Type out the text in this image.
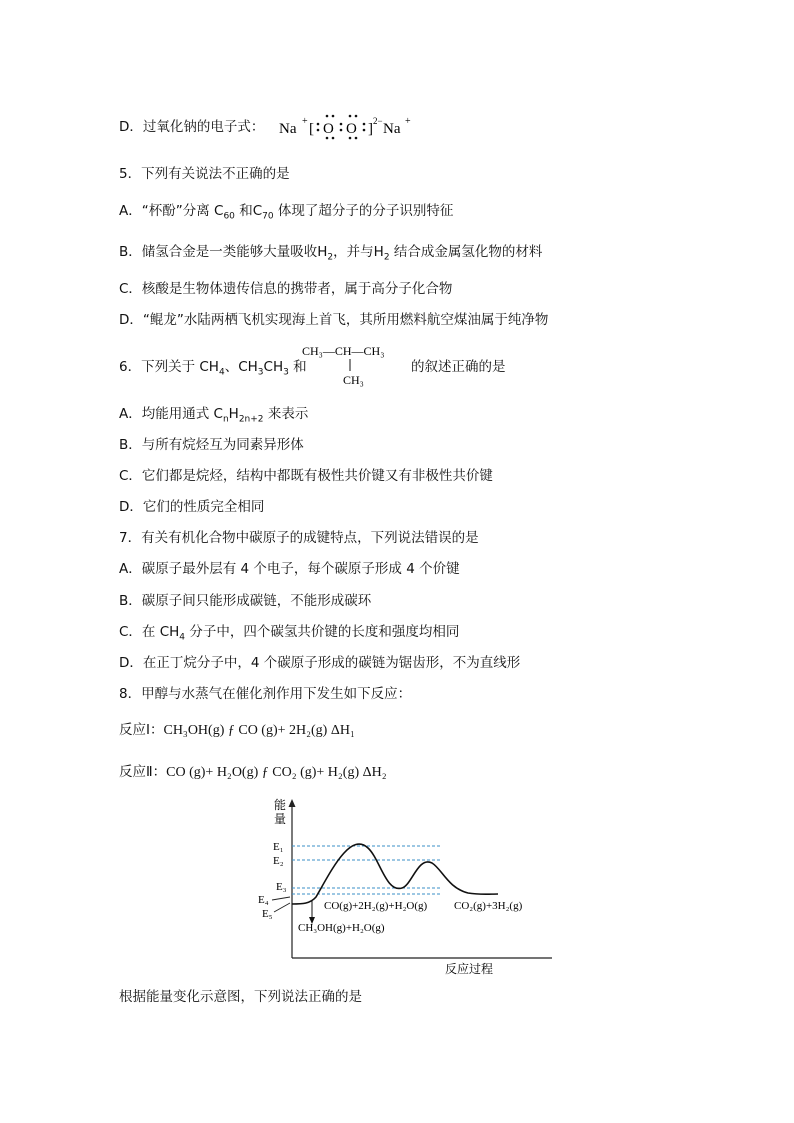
D．过氧化钠的电子式： Na + [ O O ] 2− Na +
5．下列有关说法不正确的是
A．“杯酚”分离 $C_{60}$ 和$C_{70}$ 体现了超分子的分子识别特征
B．储氢合金是一类能够大量吸收$H_2$，并与$H_2$ 结合成金属氢化物的材料
C．核酸是生物体遗传信息的携带者，属于高分子化合物
D．“鲲龙”水陆两栖飞机实现海上首飞，其所用燃料航空煤油属于纯净物
6．下列关于 $CH_4$、$CH_3CH_3$ 和
CH₃—CH—CH₃
CH₃
的叙述正确的是
A．均能用通式 $C_nH_{2n+2}$ 来表示
B．与所有烷烃互为同素异形体
C．它们都是烷烃，结构中都既有极性共价键又有非极性共价键
D．它们的性质完全相同
7．有关有机化合物中碳原子的成键特点，下列说法错误的是
A．碳原子最外层有 4 个电子，每个碳原子形成 4 个价键
B．碳原子间只能形成碳链，不能形成碳环
C．在 $CH_4$ 分子中，四个碳氢共价键的长度和强度均相同
D．在正丁烷分子中，4 个碳原子形成的碳链为锯齿形，不为直线形
8．甲醇与水蒸气在催化剂作用下发生如下反应：
反应Ⅰ：CH₃OH(g) ƒ CO (g)+ 2H₂(g) ΔH₁
反应Ⅱ：CO (g)+ H₂O(g) ƒ CO₂ (g)+ H₂(g) ΔH₂
能
量
反应过程
E₁
E₂
E₃
E₄
E₅
CO(g)+2H₂(g)+H₂O(g) CO₂(g)+3H₂(g)
CH₃OH(g)+H₂O(g)
根据能量变化示意图，下列说法正确的是
